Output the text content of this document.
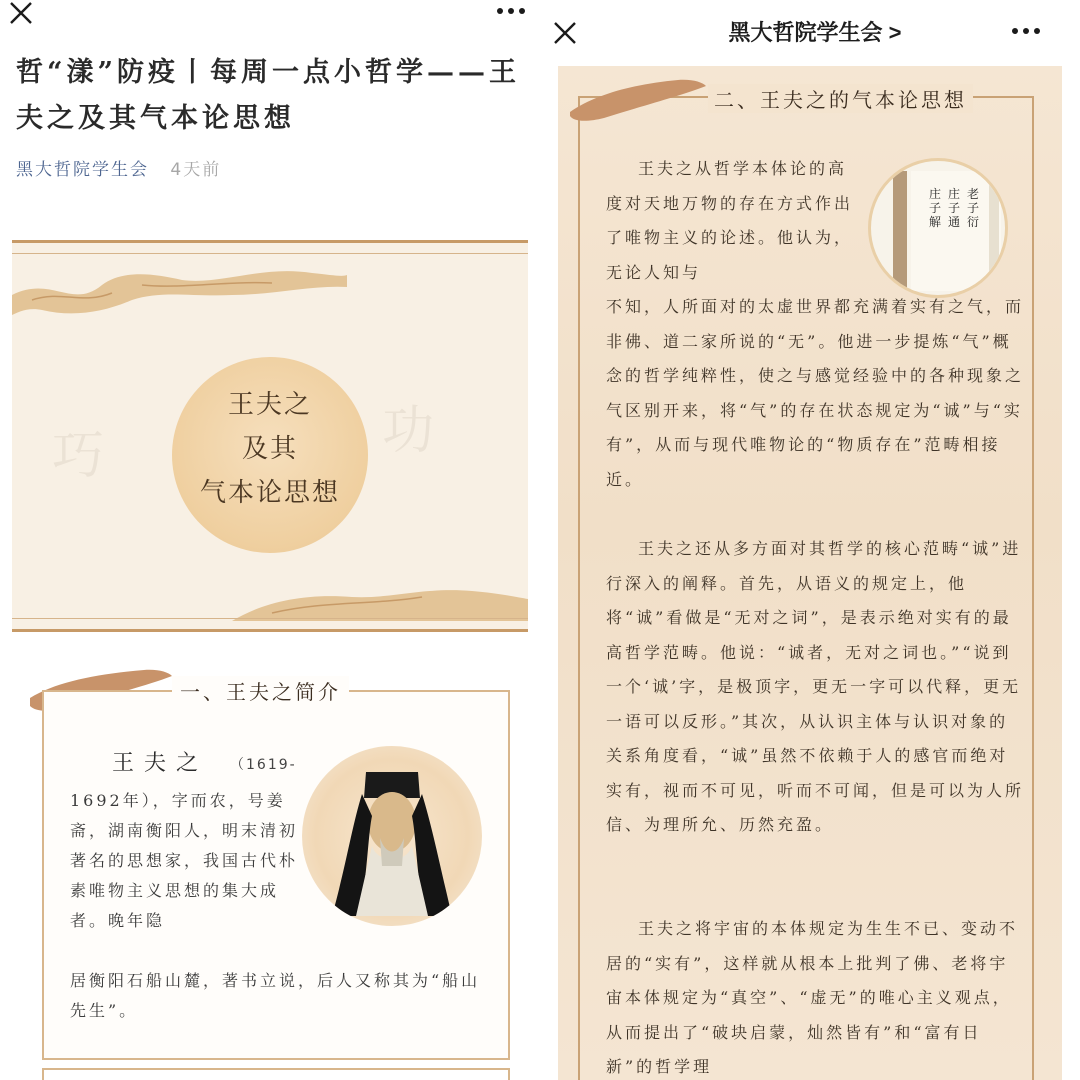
哲“漾”防疫丨每周一点小哲学——王夫之及其气本论思想
黑大哲院学生会 4天前
巧	功
王夫之
及其
气本论思想
一、王夫之简介
王夫之 （1619-
1692年），字而农，号姜斋，湖南衡阳人，明末清初著名的思想家，我国古代朴素唯物主义思想的集大成者。晚年隐
居衡阳石船山麓，著书立说，后人又称其为“船山先生”。
黑大哲院学生会 >
二、王夫之的气本论思想
庄子解
庄子通
老子衍
王夫之从哲学本体论的高度对天地万物的存在方式作出了唯物主义的论述。他认为，无论人知与
不知，人所面对的太虚世界都充满着实有之气，而非佛、道二家所说的“无”。他进一步提炼“气”概念的哲学纯粹性，使之与感觉经验中的各种现象之气区别开来，将“气”的存在状态规定为“诚”与“实有”，从而与现代唯物论的“物质存在”范畴相接近。
王夫之还从多方面对其哲学的核心范畴“诚”进行深入的阐释。首先，从语义的规定上，他将“诚”看做是“无对之词”，是表示绝对实有的最高哲学范畴。他说：“诚者，无对之词也。”“说到一个‘诚’字，是极顶字，更无一字可以代释，更无一语可以反形。”其次，从认识主体与认识对象的关系角度看，“诚”虽然不依赖于人的感官而绝对实有，视而不可见，听而不可闻，但是可以为人所信、为理所允、历然充盈。
王夫之将宇宙的本体规定为生生不已、变动不居的“实有”，这样就从根本上批判了佛、老将宇宙本体规定为“真空”、“虚无”的唯心主义观点，从而提出了“破块启蒙，灿然皆有”和“富有日新”的哲学理
